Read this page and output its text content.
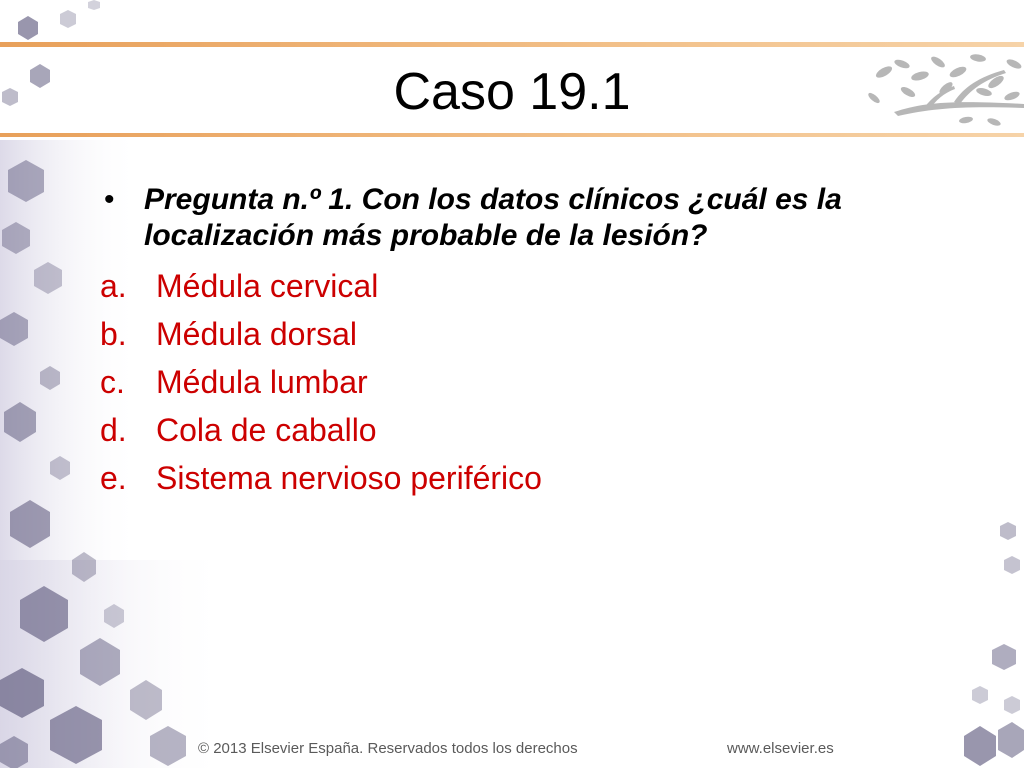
Caso 19.1
• Pregunta n.º 1. Con los datos clínicos ¿cuál es la localización más probable de la lesión?
a. Médula cervical
b. Médula dorsal
c. Médula lumbar
d. Cola de caballo
e. Sistema nervioso periférico
© 2013 Elsevier España. Reservados todos los derechos	www.elsevier.es
